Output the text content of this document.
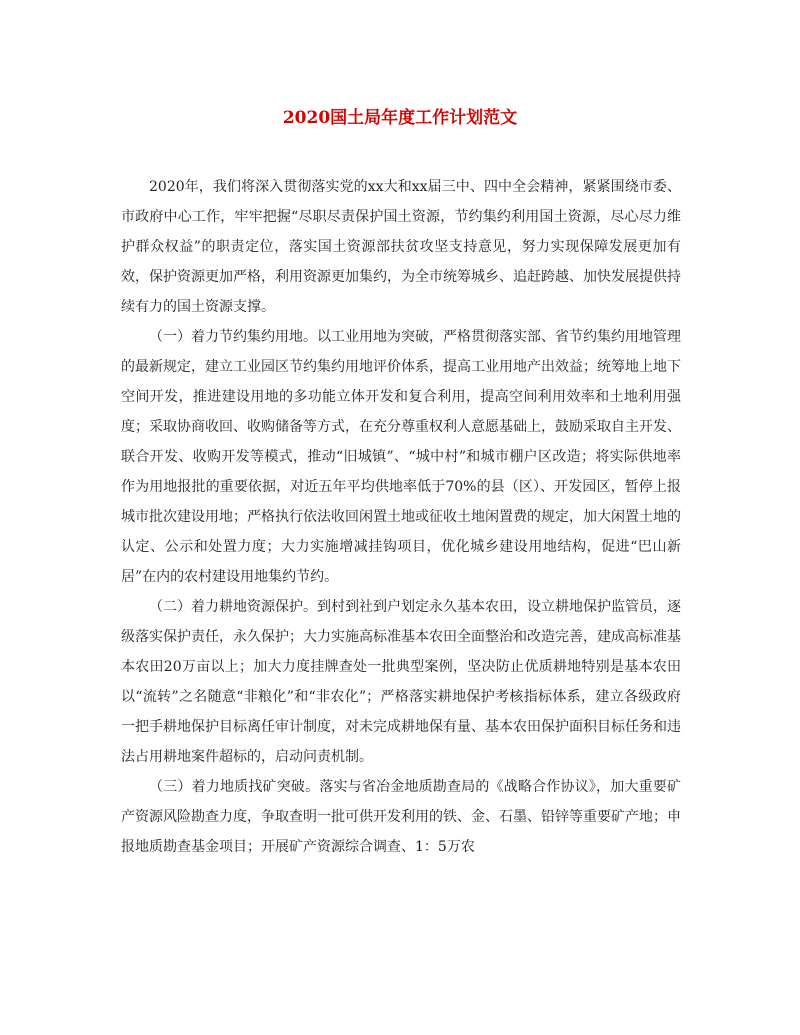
2020国土局年度工作计划范文

2020年，我们将深入贯彻落实党的xx大和xx届三中、四中全会精神，紧紧围绕市委、市政府中心工作，牢牢把握“尽职尽责保护国土资源，节约集约利用国土资源，尽心尽力维护群众权益”的职责定位，落实国土资源部扶贫攻坚支持意见，努力实现保障发展更加有效，保护资源更加严格，利用资源更加集约，为全市统筹城乡、追赶跨越、加快发展提供持续有力的国土资源支撑。

（一）着力节约集约用地。以工业用地为突破，严格贯彻落实部、省节约集约用地管理的最新规定，建立工业园区节约集约用地评价体系，提高工业用地产出效益；统筹地上地下空间开发，推进建设用地的多功能立体开发和复合利用，提高空间利用效率和土地利用强度；采取协商收回、收购储备等方式，在充分尊重权利人意愿基础上，鼓励采取自主开发、联合开发、收购开发等模式，推动“旧城镇”、“城中村”和城市棚户区改造；将实际供地率作为用地报批的重要依据，对近五年平均供地率低于70%的县（区）、开发园区，暂停上报城市批次建设用地；严格执行依法收回闲置土地或征收土地闲置费的规定，加大闲置土地的认定、公示和处置力度；大力实施增减挂钩项目，优化城乡建设用地结构，促进“巴山新居”在内的农村建设用地集约节约。

（二）着力耕地资源保护。到村到社到户划定永久基本农田，设立耕地保护监管员，逐级落实保护责任，永久保护；大力实施高标准基本农田全面整治和改造完善，建成高标准基本农田20万亩以上；加大力度挂牌查处一批典型案例，坚决防止优质耕地特别是基本农田以“流转”之名随意“非粮化”和“非农化”；严格落实耕地保护考核指标体系，建立各级政府一把手耕地保护目标离任审计制度，对未完成耕地保有量、基本农田保护面积目标任务和违法占用耕地案件超标的，启动问责机制。

（三）着力地质找矿突破。落实与省冶金地质勘查局的《战略合作协议》，加大重要矿产资源风险勘查力度，争取查明一批可供开发利用的铁、金、石墨、铅锌等重要矿产地；申报地质勘查基金项目；开展矿产资源综合调查、1：5万农
